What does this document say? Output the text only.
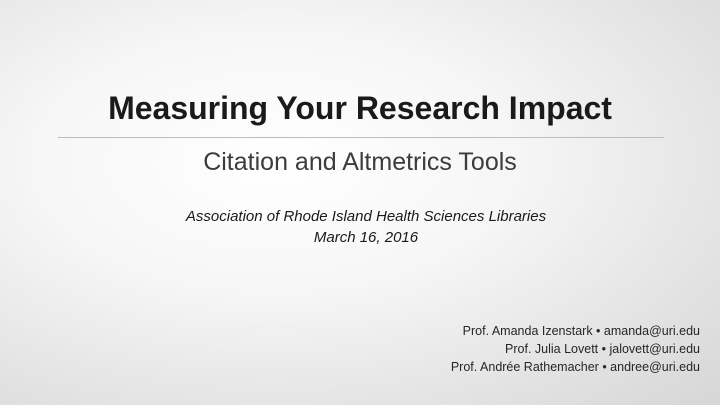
Measuring Your Research Impact
Citation and Altmetrics Tools
Association of Rhode Island Health Sciences Libraries
March 16, 2016
Prof. Amanda Izenstark • amanda@uri.edu
Prof. Julia Lovett • jalovett@uri.edu
Prof. Andrée Rathemacher • andree@uri.edu
